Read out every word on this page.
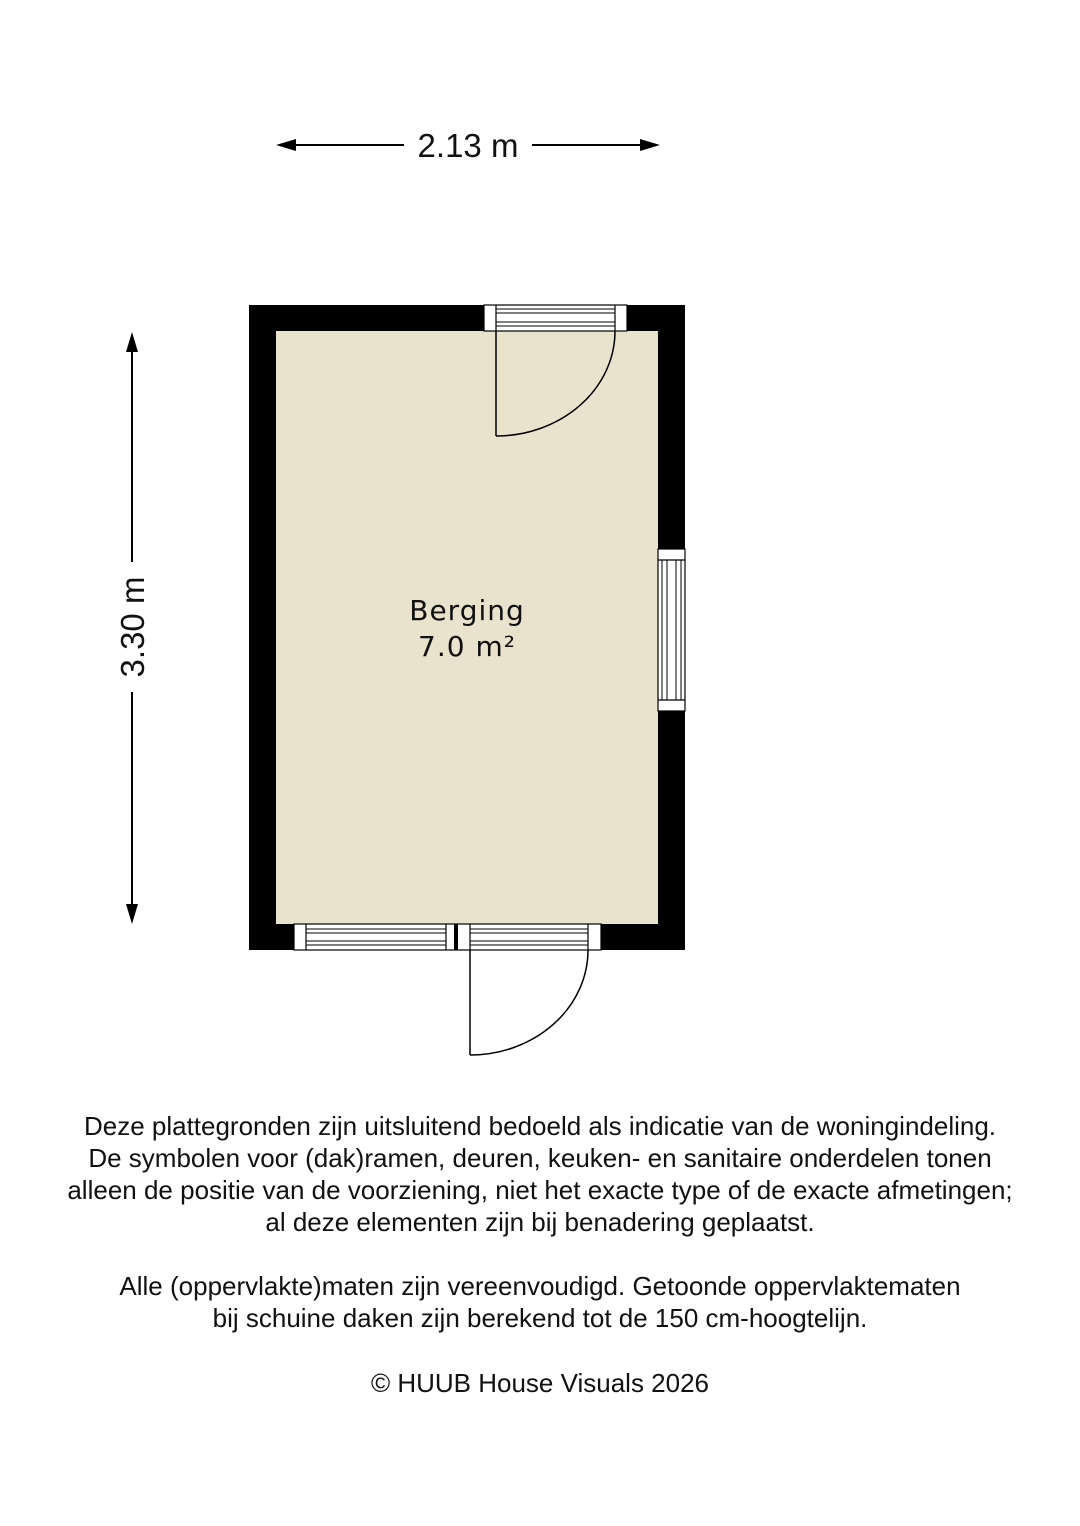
2.13 m
3.30 m	Berging
7.0 m²

Deze plattegronden zijn uitsluitend bedoeld als indicatie van de woningindeling.
De symbolen voor (dak)ramen, deuren, keuken- en sanitaire onderdelen tonen
alleen de positie van de voorziening, niet het exacte type of de exacte afmetingen;
al deze elementen zijn bij benadering geplaatst.

Alle (oppervlakte)maten zijn vereenvoudigd. Getoonde oppervlaktematen
bij schuine daken zijn berekend tot de 150 cm-hoogtelijn.

© HUUB House Visuals 2026
